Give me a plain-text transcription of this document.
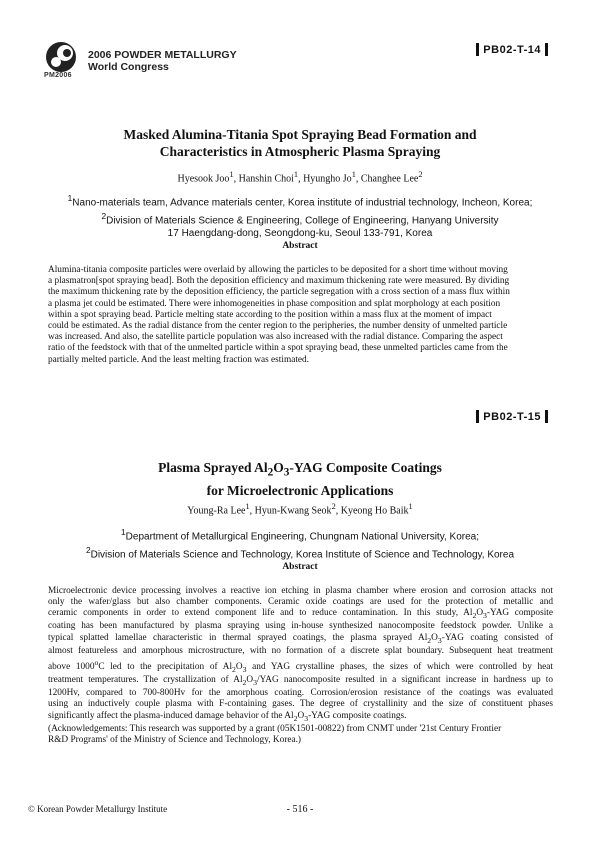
PM2006
2006 POWDER METALLURGY
World Congress
PB02-T-14
Masked Alumina-Titania Spot Spraying Bead Formation and
Characteristics in Atmospheric Plasma Spraying
Hyesook Joo$^1$, Hanshin Choi$^1$, Hyungho Jo$^1$, Changhee Lee$^2$
$^1$Nano-materials team, Advance materials center, Korea institute of industrial technology, Incheon, Korea;
$^2$Division of Materials Science & Engineering, College of Engineering, Hanyang University
17 Haengdang-dong, Seongdong-ku, Seoul 133-791, Korea
Abstract
Alumina-titania composite particles were overlaid by allowing the particles to be deposited for a short time without moving
a plasmatron[spot spraying bead]. Both the deposition efficiency and maximum thickening rate were measured. By dividing
the maximum thickening rate by the deposition efficiency, the particle segregation with a cross section of a mass flux within
a plasma jet could be estimated. There were inhomogeneities in phase composition and splat morphology at each position
within a spot spraying bead. Particle melting state according to the position within a mass flux at the moment of impact
could be estimated. As the radial distance from the center region to the peripheries, the number density of unmelted particle
was increased. And also, the satellite particle population was also increased with the radial distance. Comparing the aspect
ratio of the feedstock with that of the unmelted particle within a spot spraying bead, these unmelted particles came from the
partially melted particle. And the least melting fraction was estimated.
PB02-T-15
Plasma Sprayed $Al_2O_3$-YAG Composite Coatings
for Microelectronic Applications
Young-Ra Lee$^1$, Hyun-Kwang Seok$^2$, Kyeong Ho Baik$^1$
$^1$Department of Metallurgical Engineering, Chungnam National University, Korea;
$^2$Division of Materials Science and Technology, Korea Institute of Science and Technology, Korea
Abstract
Microelectronic device processing involves a reactive ion etching in plasma chamber where erosion and corrosion attacks not
only the wafer/glass but also chamber components. Ceramic oxide coatings are used for the protection of metallic and
ceramic components in order to extend component life and to reduce contamination. In this study, $Al_2O_3$-YAG composite
coating has been manufactured by plasma spraying using in-house synthesized nanocomposite feedstock powder. Unlike a
typical splatted lamellae characteristic in thermal sprayed coatings, the plasma sprayed $Al_2O_3$-YAG coating consisted of
almost featureless and amorphous microstructure, with no formation of a discrete splat boundary. Subsequent heat treatment
above 1000$^o$C led to the precipitation of $Al_2O_3$ and YAG crystalline phases, the sizes of which were controlled by heat
treatment temperatures. The crystallization of $Al_2O_3$/YAG nanocomposite resulted in a significant increase in hardness up to
1200Hv, compared to 700-800Hv for the amorphous coating. Corrosion/erosion resistance of the coatings was evaluated
using an inductively couple plasma with F-containing gases. The degree of crystallinity and the size of constituent phases
significantly affect the plasma-induced damage behavior of the $Al_2O_3$-YAG composite coatings.
(Acknowledgements: This research was supported by a grant (05K1501-00822) from CNMT under '21st Century Frontier
R&D Programs' of the Ministry of Science and Technology, Korea.)
© Korean Powder Metallurgy Institute	- 516 -
